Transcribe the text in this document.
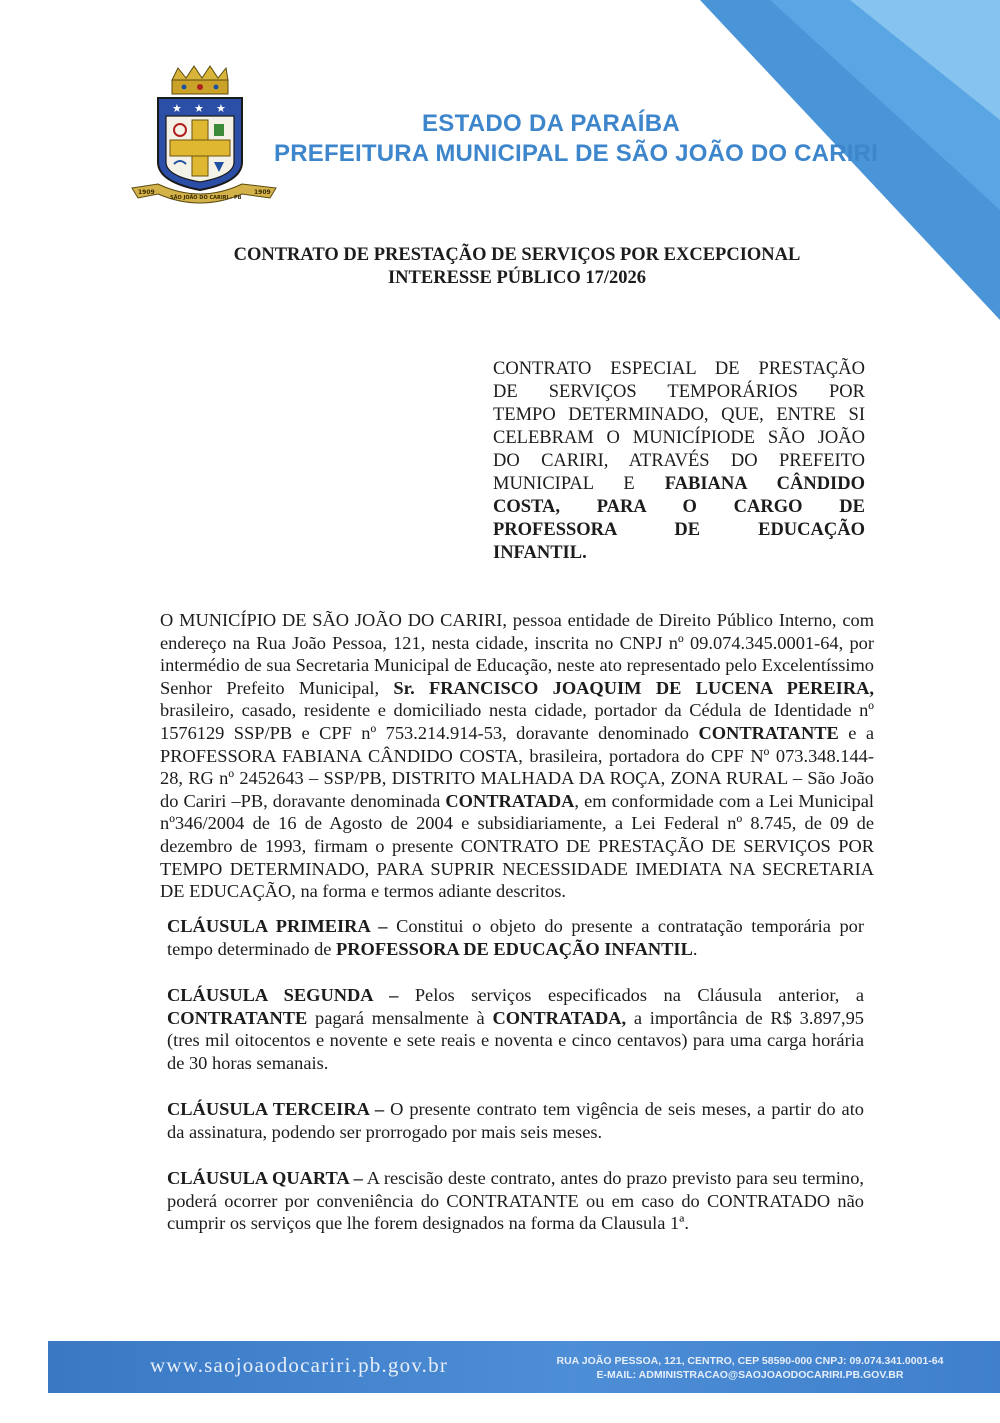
★ ★ ★
1909
SÃO JOÃO DO CARIRI - PB
1909
ESTADO DA PARAÍBA
PREFEITURA MUNICIPAL DE SÃO JOÃO DO CARIRI
CONTRATO DE PRESTAÇÃO DE SERVIÇOS POR EXCEPCIONAL
INTERESSE PÚBLICO 17/2026
CONTRATO ESPECIAL DE PRESTAÇÃO
DE SERVIÇOS TEMPORÁRIOS POR
TEMPO DETERMINADO, QUE, ENTRE SI
CELEBRAM O MUNICÍPIODE SÃO JOÃO
DO CARIRI, ATRAVÉS DO PREFEITO
MUNICIPAL E FABIANA CÂNDIDO
COSTA, PARA O CARGO DE
PROFESSORA DE EDUCAÇÃO
INFANTIL.
O MUNICÍPIO DE SÃO JOÃO DO CARIRI, pessoa entidade de Direito Público Interno, com endereço na Rua João Pessoa, 121, nesta cidade, inscrita no CNPJ nº 09.074.345.0001-64, por intermédio de sua Secretaria Municipal de Educação, neste ato representado pelo Excelentíssimo Senhor Prefeito Municipal, Sr. FRANCISCO JOAQUIM DE LUCENA PEREIRA, brasileiro, casado, residente e domiciliado nesta cidade, portador da Cédula de Identidade nº 1576129 SSP/PB e CPF nº 753.214.914-53, doravante denominado CONTRATANTE e a PROFESSORA FABIANA CÂNDIDO COSTA, brasileira, portadora do CPF Nº 073.348.144-28, RG nº 2452643 – SSP/PB, DISTRITO MALHADA DA ROÇA, ZONA RURAL – São João do Cariri –PB, doravante denominada CONTRATADA, em conformidade com a Lei Municipal nº346/2004 de 16 de Agosto de 2004 e subsidiariamente, a Lei Federal nº 8.745, de 09 de dezembro de 1993, firmam o presente CONTRATO DE PRESTAÇÃO DE SERVIÇOS POR TEMPO DETERMINADO, PARA SUPRIR NECESSIDADE IMEDIATA NA SECRETARIA DE EDUCAÇÃO, na forma e termos adiante descritos.
CLÁUSULA PRIMEIRA – Constitui o objeto do presente a contratação temporária por tempo determinado de PROFESSORA DE EDUCAÇÃO INFANTIL.
CLÁUSULA SEGUNDA – Pelos serviços especificados na Cláusula anterior, a CONTRATANTE pagará mensalmente à CONTRATADA, a importância de R$ 3.897,95 (tres mil oitocentos e novente e sete reais e noventa e cinco centavos) para uma carga horária de 30 horas semanais.
CLÁUSULA TERCEIRA – O presente contrato tem vigência de seis meses, a partir do ato da assinatura, podendo ser prorrogado por mais seis meses.
CLÁUSULA QUARTA – A rescisão deste contrato, antes do prazo previsto para seu termino, poderá ocorrer por conveniência do CONTRATANTE ou em caso do CONTRATADO não cumprir os serviços que lhe forem designados na forma da Clausula 1ª.
www.saojoaodocariri.pb.gov.br	RUA JOÃO PESSOA, 121, CENTRO, CEP 58590-000 CNPJ: 09.074.341.0001-64
E-MAIL: ADMINISTRACAO@SAOJOAODOCARIRI.PB.GOV.BR
